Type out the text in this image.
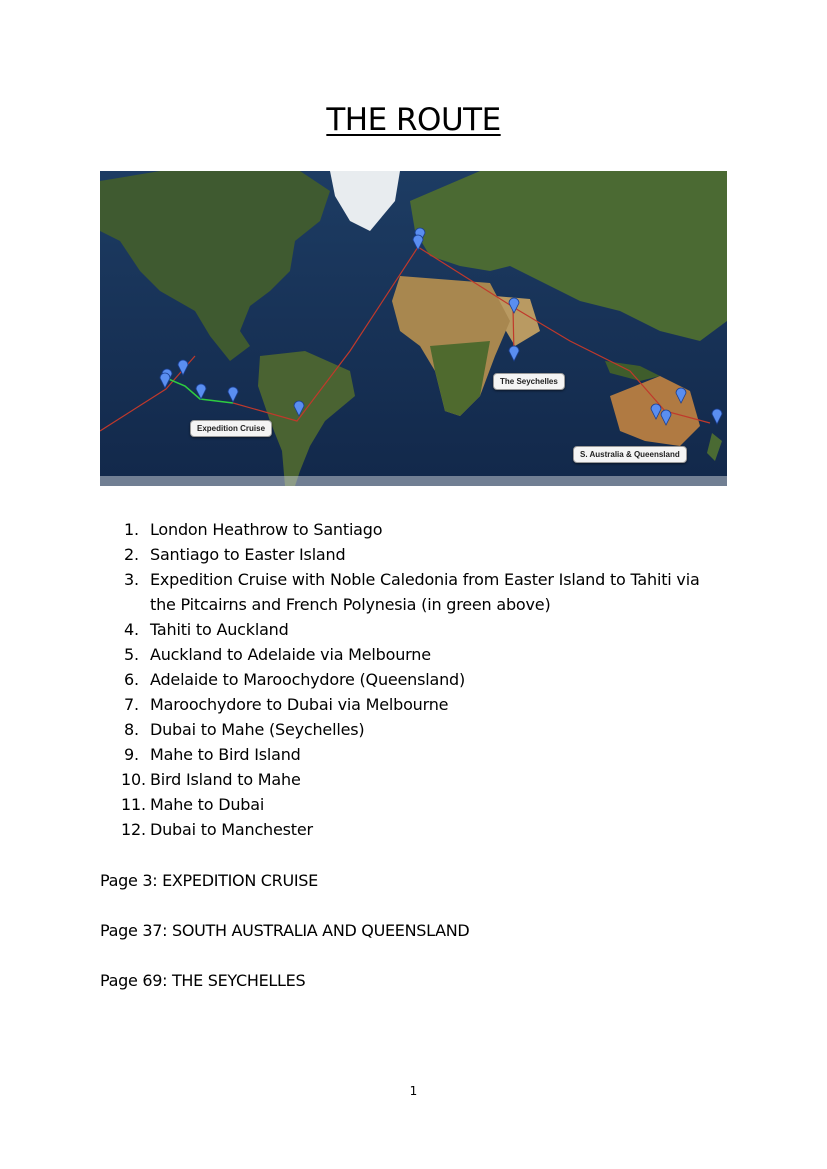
THE ROUTE
Expedition Cruise
The Seychelles
S. Australia & Queensland
1. London Heathrow to Santiago
2. Santiago to Easter Island
3. Expedition Cruise with Noble Caledonia from Easter Island to Tahiti via the Pitcairns and French Polynesia (in green above)
4. Tahiti to Auckland
5. Auckland to Adelaide via Melbourne
6. Adelaide to Maroochydore (Queensland)
7. Maroochydore to Dubai via Melbourne
8. Dubai to Mahe (Seychelles)
9. Mahe to Bird Island
10. Bird Island to Mahe
11. Mahe to Dubai
12. Dubai to Manchester
Page 3: EXPEDITION CRUISE
Page 37: SOUTH AUSTRALIA AND QUEENSLAND
Page 69: THE SEYCHELLES
1
